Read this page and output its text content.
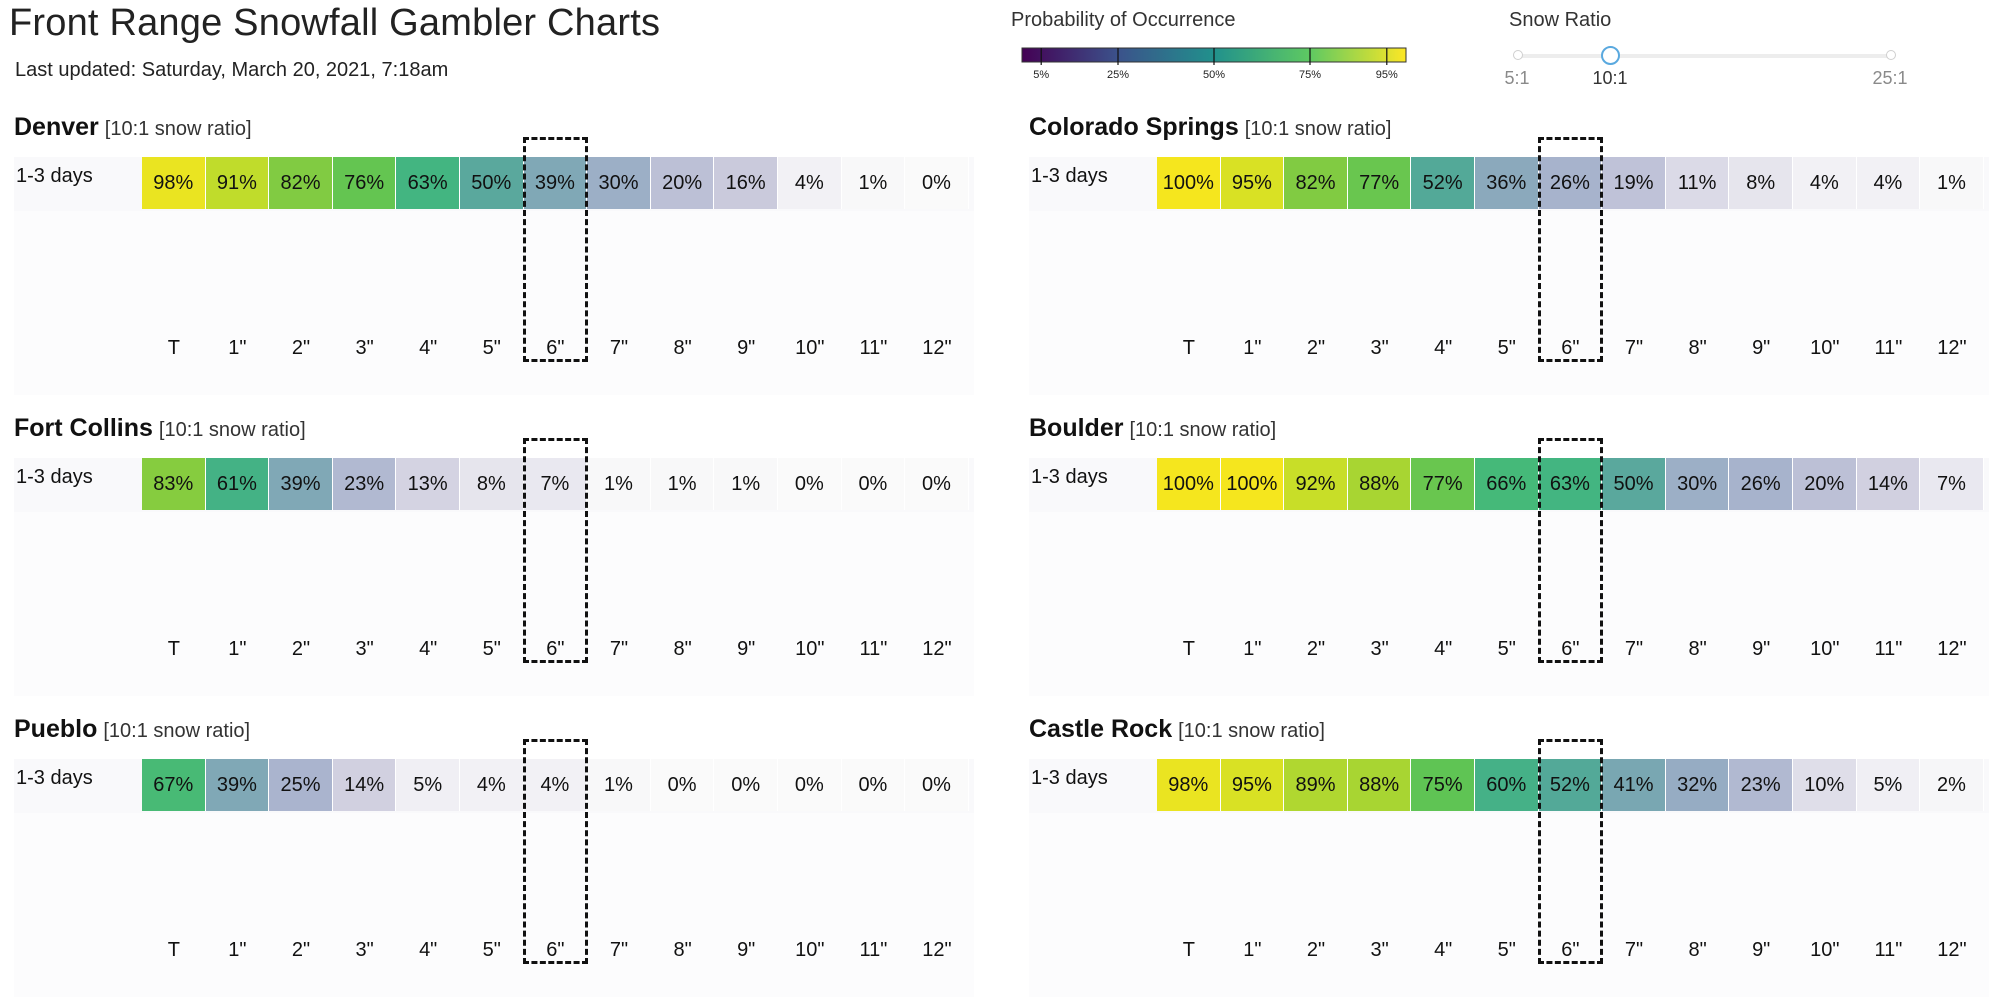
Front Range Snowfall Gambler Charts
Last updated: Saturday, March 20, 2021, 7:18am
Probability of Occurrence
5%	25%	50%	75%	95%
Snow Ratio
5:1	10:1	25:1
Denver [10:1 snow ratio]
1-3 days	98%	91%	82%	76%	63%	50%	39%	30%	20%	16%	4%	1%	0%
T	1"	2"	3"	4"	5"	6"	7"	8"	9"	10"	11"	12"
Colorado Springs [10:1 snow ratio]
1-3 days	100% 95%	82%	77%	52%	36%	26%	19%	11%	8%	4%	4%	1%
T	1"	2"	3"	4"	5"	6"	7"	8"	9"	10"	11"	12"
Fort Collins [10:1 snow ratio]
1-3 days	83%	61%	39%	23%	13%	8%	7%	1%	1%	1%	0%	0%	0%
T	1"	2"	3"	4"	5"	6"	7"	8"	9"	10"	11"	12"
Boulder [10:1 snow ratio]
1-3 days	100% 100% 92%	88%	77%	66%	63%	50%	30%	26%	20%	14%	7%
T	1"	2"	3"	4"	5"	6"	7"	8"	9"	10"	11"	12"
Pueblo [10:1 snow ratio]
1-3 days	67%	39%	25%	14%	5%	4%	4%	1%	0%	0%	0%	0%	0%
T	1"	2"	3"	4"	5"	6"	7"	8"	9"	10"	11"	12"
Castle Rock [10:1 snow ratio]
1-3 days	98%	95%	89%	88%	75%	60%	52%	41%	32%	23%	10%	5%	2%
T	1"	2"	3"	4"	5"	6"	7"	8"	9"	10"	11"	12"
